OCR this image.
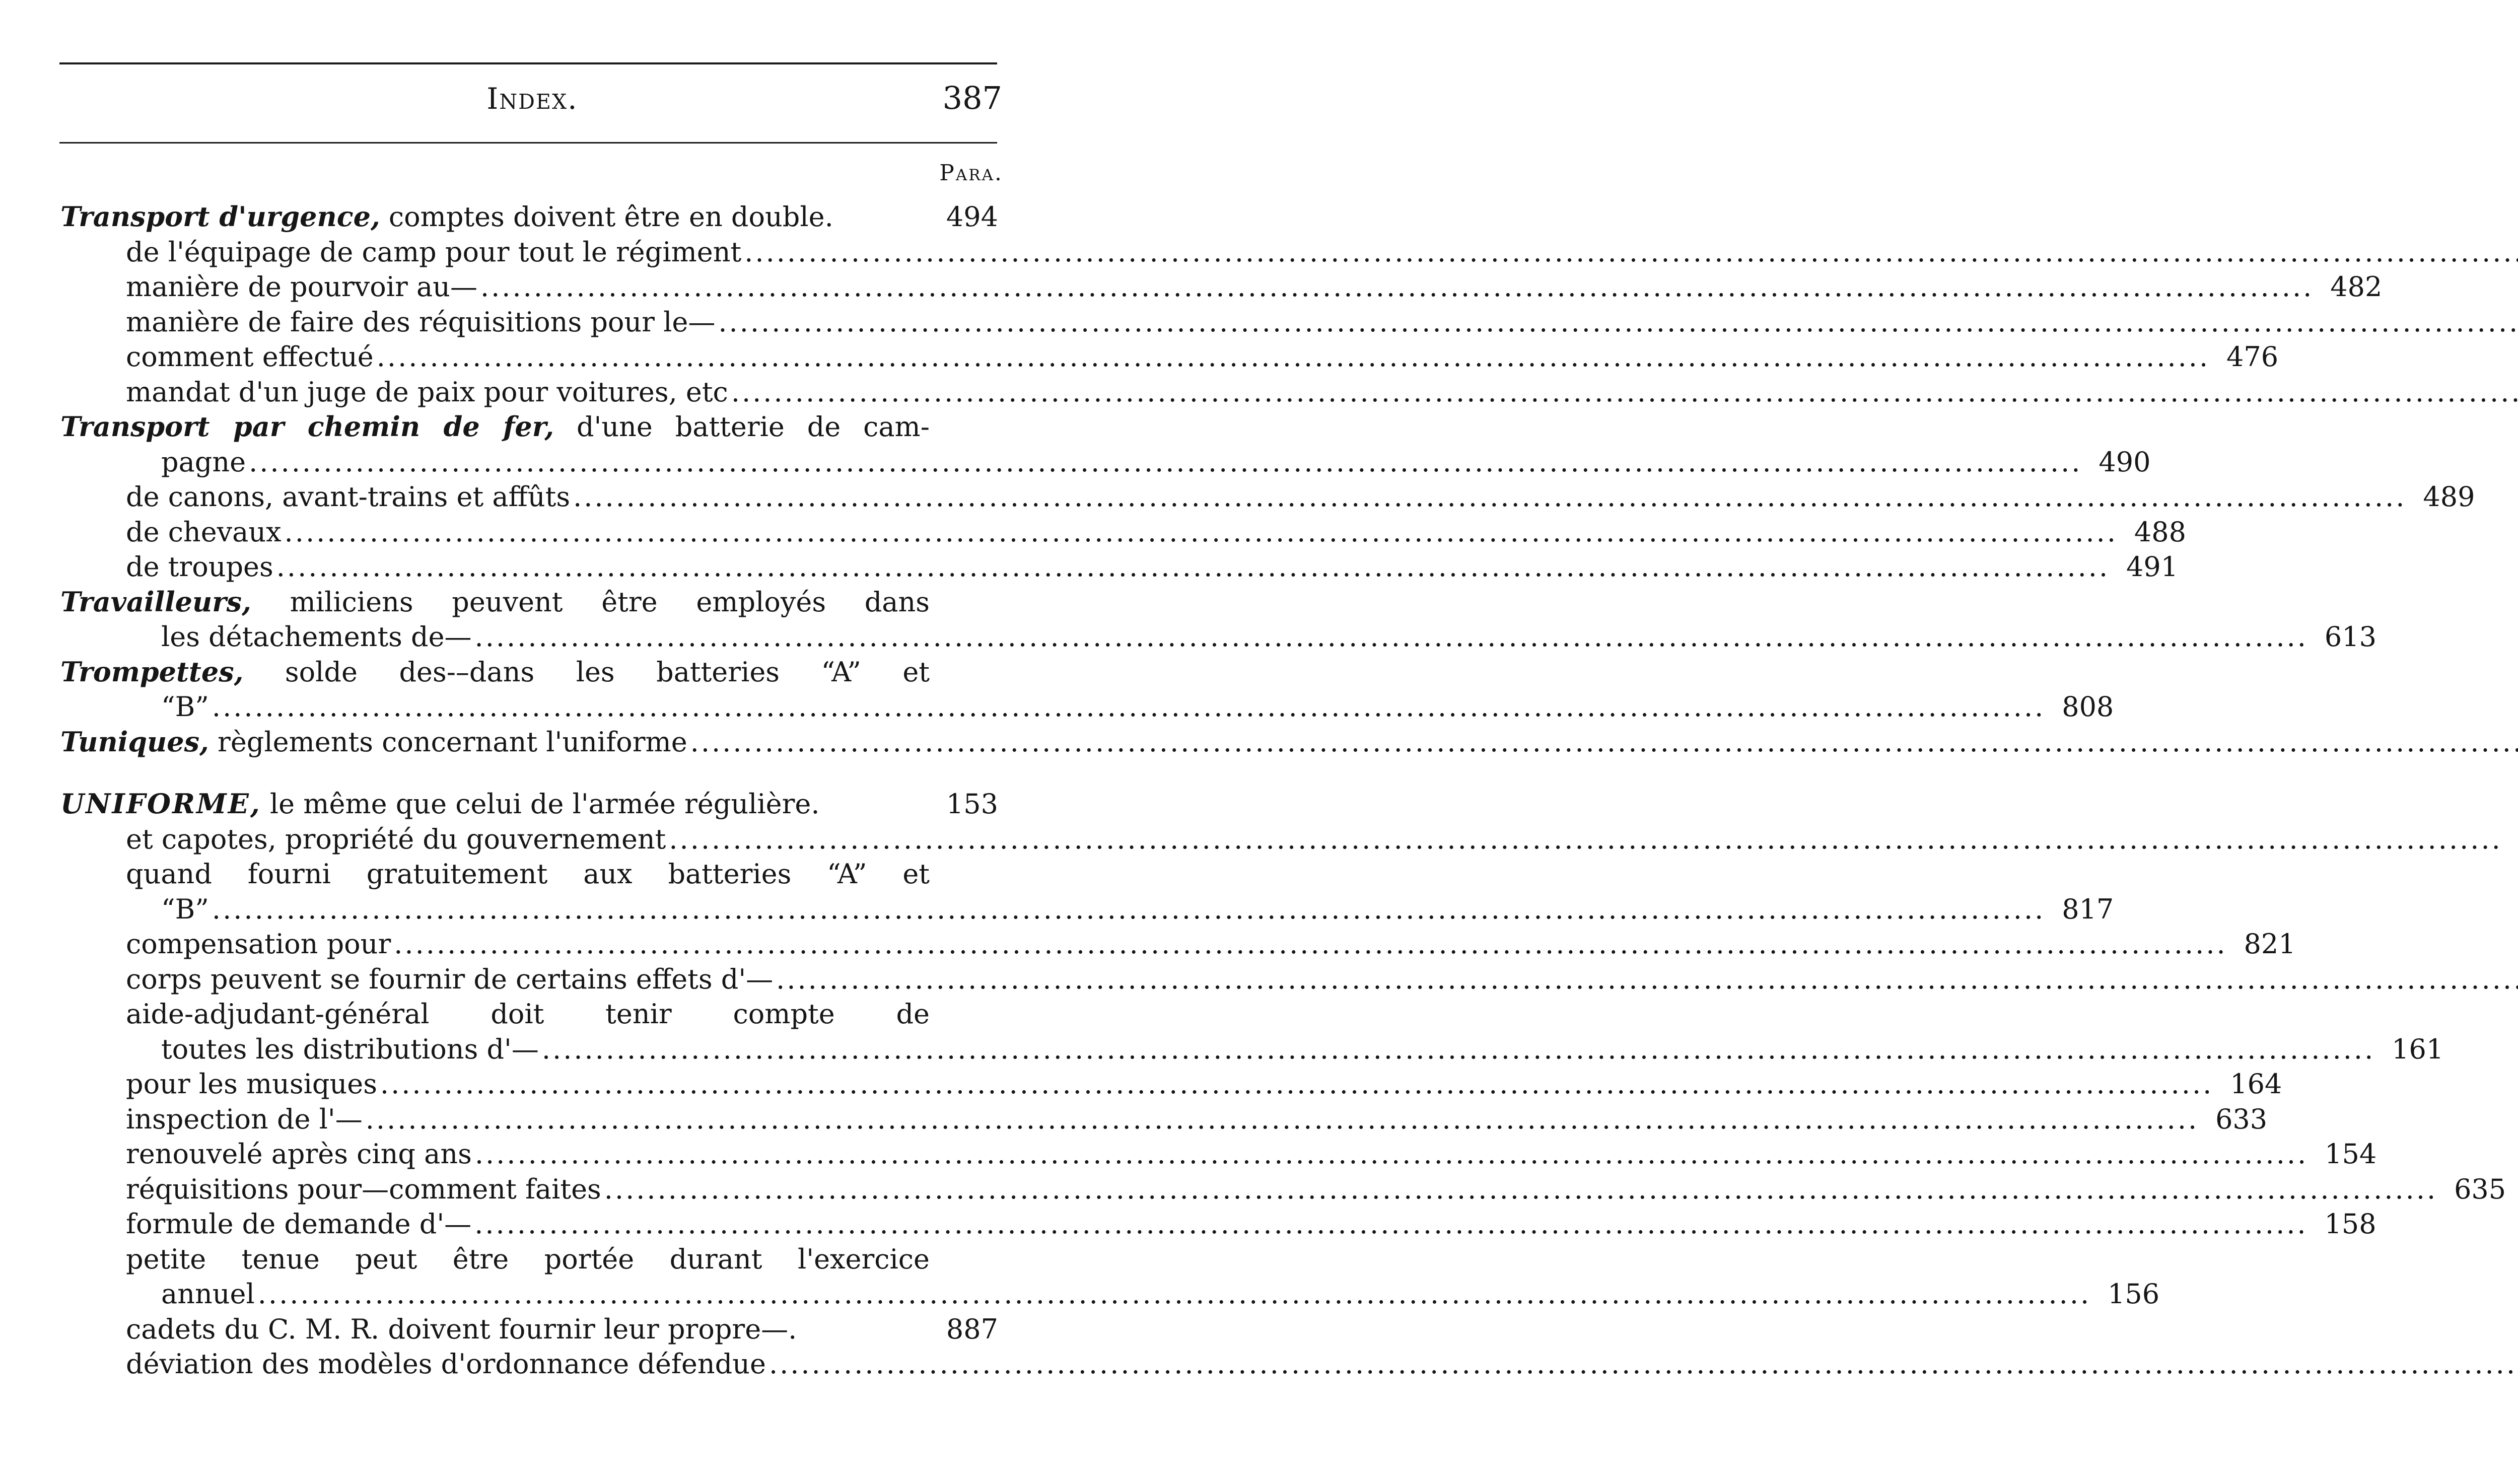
Index.	387
Para.
Transport d'urgence, comptes doivent être en double.	494
de l'équipage de camp pour tout le régiment
.....
manière de pourvoir au— .....	482
manière de faire des réquisitions pour le—
.....
comment effectué .....	476
mandat d'un juge de paix pour voitures, etc
.....
Transport par chemin de fer, d'une batterie de cam-
pagne .....	490
de canons, avant-trains et affûts .....	489
de chevaux .....	488
de troupes .....	491
Travailleurs, miliciens peuvent être employés dans
les détachements de— .....	613
Trompettes, solde des-–dans les batteries “A” et
“B” .....	808
Tuniques, règlements concernant l'uniforme
.....
UNIFORME, le même que celui de l'armée régulière.	153
et capotes, propriété du gouvernement
.....
quand fourni gratuitement aux batteries “A” et
“B” .....	817
compensation pour .....	821
corps peuvent se fournir de certains effets d'—
.....
aide-adjudant-général doit tenir compte de
toutes les distributions d'— .....	161
pour les musiques .....	164
inspection de l'— .....	633
renouvelé après cinq ans .....	154
réquisitions pour—comment faites .....	635
formule de demande d'— .....	158
petite tenue peut être portée durant l'exercice
annuel .....	156
cadets du C. M. R. doivent fournir leur propre—.	887
déviation des modèles d'ordonnance défendue
.....
